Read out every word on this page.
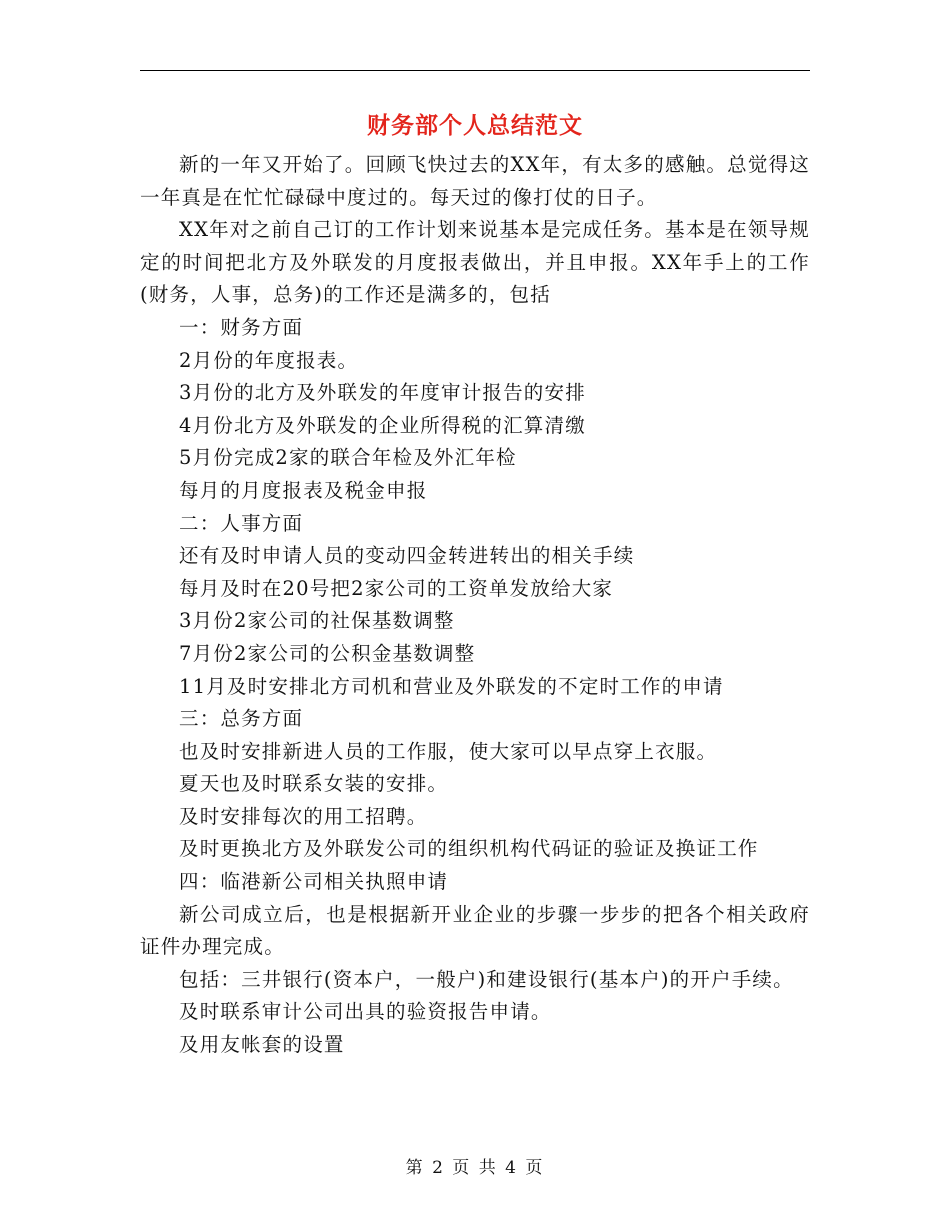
财务部个人总结范文

新的一年又开始了。回顾飞快过去的XX年，有太多的感触。总觉得这一年真是在忙忙碌碌中度过的。每天过的像打仗的日子。

XX年对之前自己订的工作计划来说基本是完成任务。基本是在领导规定的时间把北方及外联发的月度报表做出，并且申报。XX年手上的工作(财务，人事，总务)的工作还是满多的，包括

一：财务方面

2月份的年度报表。

3月份的北方及外联发的年度审计报告的安排

4月份北方及外联发的企业所得税的汇算清缴

5月份完成2家的联合年检及外汇年检

每月的月度报表及税金申报

二：人事方面

还有及时申请人员的变动四金转进转出的相关手续

每月及时在20号把2家公司的工资单发放给大家

3月份2家公司的社保基数调整

7月份2家公司的公积金基数调整

11月及时安排北方司机和营业及外联发的不定时工作的申请

三：总务方面

也及时安排新进人员的工作服，使大家可以早点穿上衣服。

夏天也及时联系女装的安排。

及时安排每次的用工招聘。

及时更换北方及外联发公司的组织机构代码证的验证及换证工作

四：临港新公司相关执照申请

新公司成立后，也是根据新开业企业的步骤一步步的把各个相关政府证件办理完成。

包括：三井银行(资本户，一般户)和建设银行(基本户)的开户手续。

及时联系审计公司出具的验资报告申请。

及用友帐套的设置

第 2 页 共 4 页
